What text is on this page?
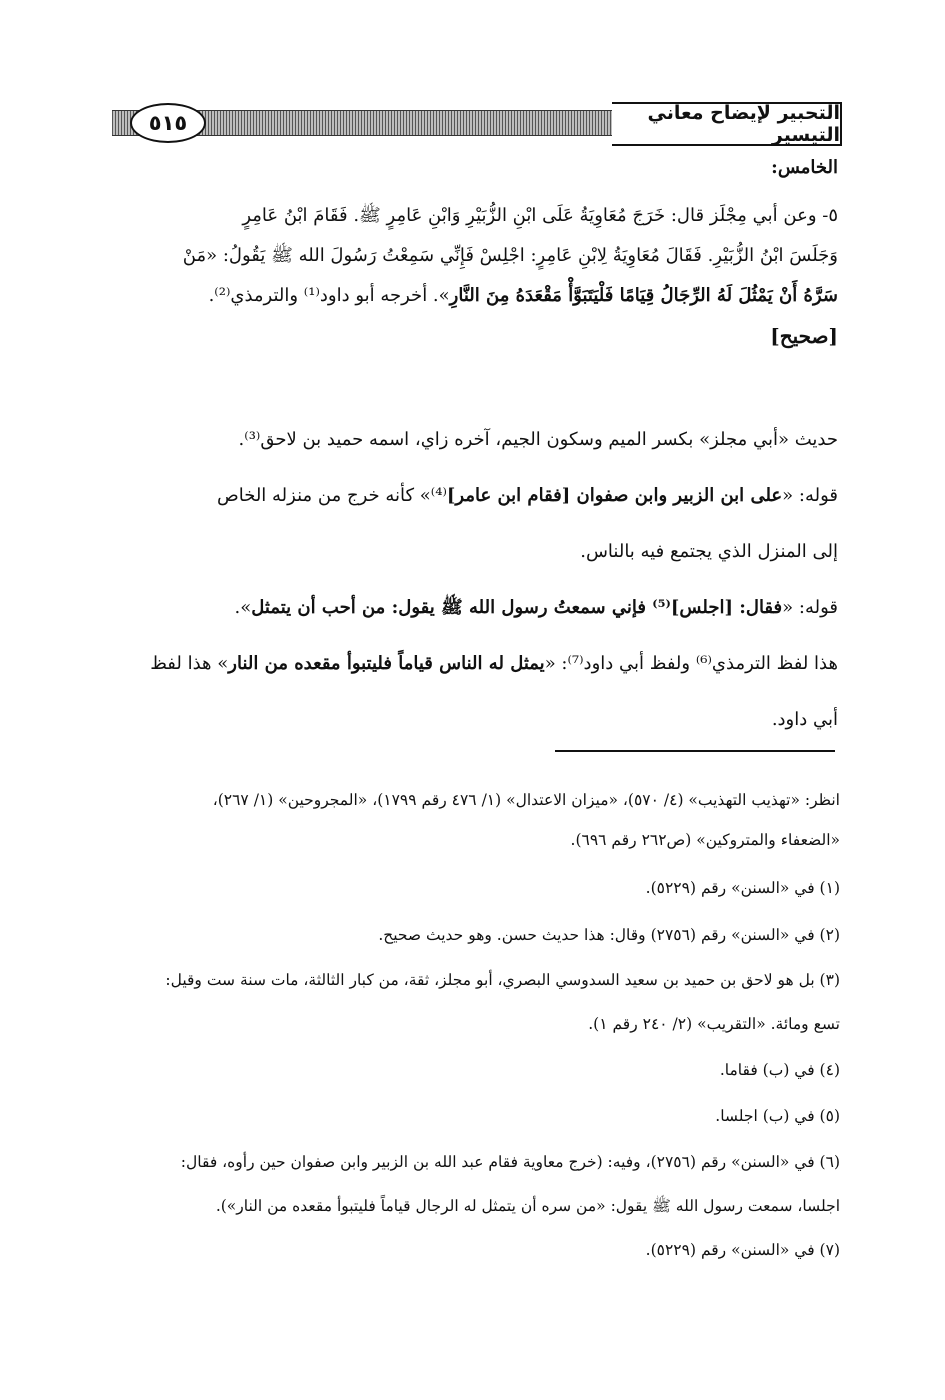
٥١٥	التحبير لإيضاح معاني التيسير
الخامس:
٥- وعن أبي مِجْلَز قال: خَرَجَ مُعَاوِيَةُ عَلَى ابْنِ الزُّبَيْرِ وَابْنِ عَامِرٍ ﷺ. فَقَامَ ابْنُ عَامِرٍ
وَجَلَسَ ابْنُ الزُّبَيْرِ. فَقَالَ مُعَاوِيَةُ لِابْنِ عَامِرٍ: اجْلِسْ فَإِنِّي سَمِعْتُ رَسُولَ الله ﷺ يَقُولُ: «مَنْ
سَرَّهُ أَنْ يَمْثُلَ لَهُ الرِّجَالُ قِيَامًا فَلْيَتَبَوَّأْ مَقْعَدَهُ مِنَ النَّارِ». أخرجه أبو داود⁽¹⁾ والترمذي⁽²⁾.
[صحيح]
حديث «أبي مجلز» بكسر الميم وسكون الجيم، آخره زاي، اسمه حميد بن لاحق⁽³⁾.
قوله: «على ابن الزبير وابن صفوان [فقام ابن عامر]⁽⁴⁾» كأنه خرج من منزله الخاص
إلى المنزل الذي يجتمع فيه بالناس.
قوله: «فقال: [اجلس]⁽⁵⁾ فإني سمعتُ رسول الله ﷺ يقول: من أحب أن يتمثل».
هذا لفظ الترمذي⁽⁶⁾ ولفظ أبي داود⁽⁷⁾: «يمثل له الناس قياماً فليتبوأ مقعده من النار» هذا لفظ
أبي داود.
انظر: «تهذيب التهذيب» (٤/ ٥٧٠)، «ميزان الاعتدال» (١/ ٤٧٦ رقم ١٧٩٩)، «المجروحين» (١/ ٢٦٧)،
«الضعفاء والمتروكين» (ص٢٦٢ رقم ٦٩٦).
(١) في «السنن» رقم (٥٢٢٩).
(٢) في «السنن» رقم (٢٧٥٦) وقال: هذا حديث حسن. وهو حديث صحيح.
(٣) بل هو لاحق بن حميد بن سعيد السدوسي البصري، أبو مجلز، ثقة، من كبار الثالثة، مات سنة ست وقيل:
تسع ومائة. «التقريب» (٢/ ٢٤٠ رقم ١).
(٤) في (ب) فقاما.
(٥) في (ب) اجلسا.
(٦) في «السنن» رقم (٢٧٥٦)، وفيه: (خرج معاوية فقام عبد الله بن الزبير وابن صفوان حين رأوه، فقال:
اجلسا، سمعت رسول الله ﷺ يقول: «من سره أن يتمثل له الرجال قياماً فليتبوأ مقعده من النار»).
(٧) في «السنن» رقم (٥٢٢٩).
